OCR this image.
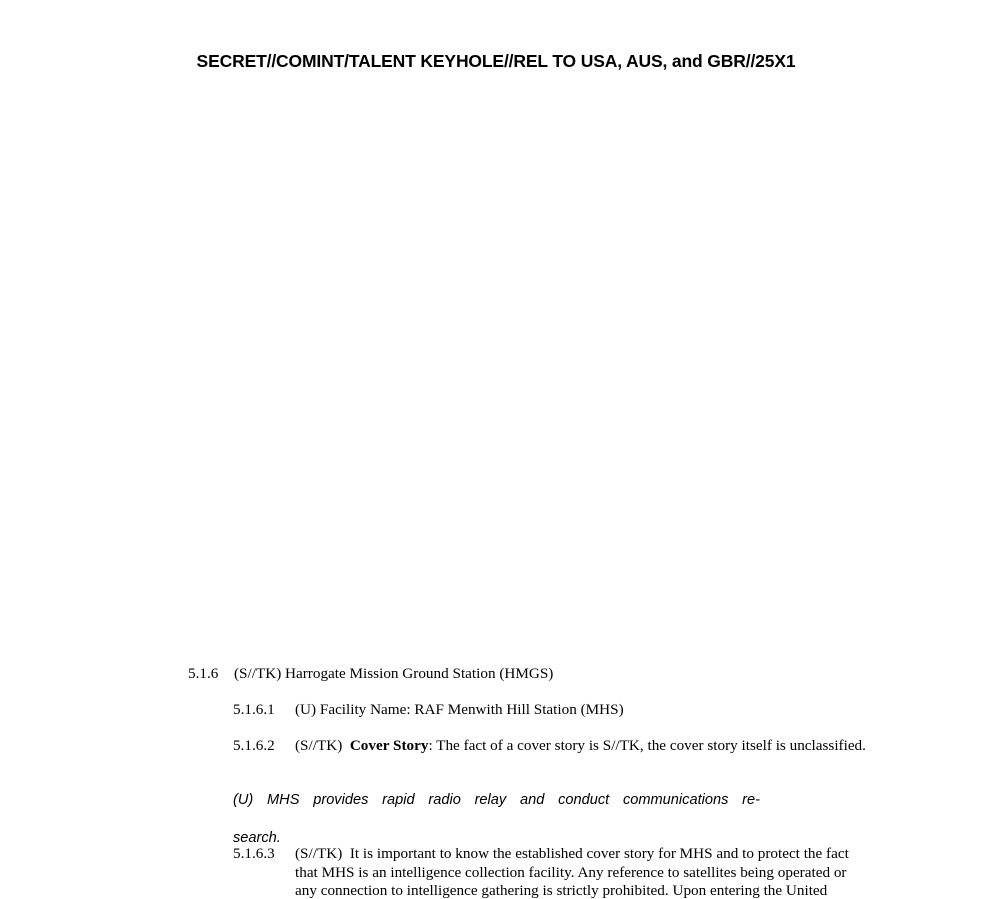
SECRET//COMINT/TALENT KEYHOLE//REL TO USA, AUS, and GBR//25X1
5.1.6 (S//TK) Harrogate Mission Ground Station (HMGS)
5.1.6.1 (U) Facility Name: RAF Menwith Hill Station (MHS)
5.1.6.2 (S//TK) Cover Story: The fact of a cover story is S//TK, the cover story itself is unclassified.
(U) MHS provides rapid radio relay and conduct communications re-
search.
5.1.6.3 (S//TK) It is important to know the established cover story for MHS and to protect the fact that MHS is an intelligence collection facility. Any reference to satellites being operated or any connection to intelligence gathering is strictly prohibited. Upon entering the United
